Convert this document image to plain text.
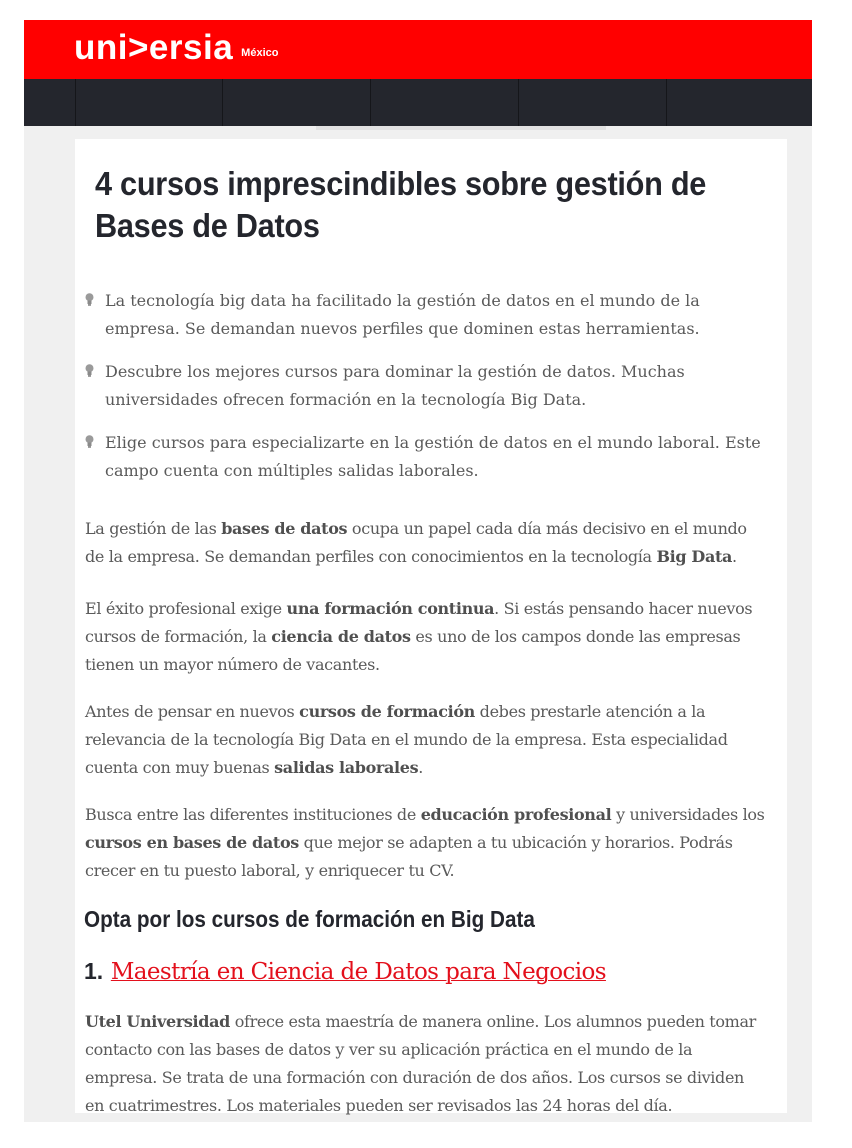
uni>ersia México
4 cursos imprescindibles sobre gestión de Bases de Datos
La tecnología big data ha facilitado la gestión de datos en el mundo de la empresa. Se demandan nuevos perfiles que dominen estas herramientas.
Descubre los mejores cursos para dominar la gestión de datos. Muchas universidades ofrecen formación en la tecnología Big Data.
Elige cursos para especializarte en la gestión de datos en el mundo laboral. Este campo cuenta con múltiples salidas laborales.

La gestión de las bases de datos ocupa un papel cada día más decisivo en el mundo de la empresa. Se demandan perfiles con conocimientos en la tecnología Big Data.

El éxito profesional exige una formación continua. Si estás pensando hacer nuevos cursos de formación, la ciencia de datos es uno de los campos donde las empresas tienen un mayor número de vacantes.

Antes de pensar en nuevos cursos de formación debes prestarle atención a la relevancia de la tecnología Big Data en el mundo de la empresa. Esta especialidad cuenta con muy buenas salidas laborales.

Busca entre las diferentes instituciones de educación profesional y universidades los cursos en bases de datos que mejor se adapten a tu ubicación y horarios. Podrás crecer en tu puesto laboral, y enriquecer tu CV.

Opta por los cursos de formación en Big Data
1. Maestría en Ciencia de Datos para Negocios

Utel Universidad ofrece esta maestría de manera online. Los alumnos pueden tomar contacto con las bases de datos y ver su aplicación práctica en el mundo de la empresa. Se trata de una formación con duración de dos años. Los cursos se dividen en cuatrimestres. Los materiales pueden ser revisados las 24 horas del día.
